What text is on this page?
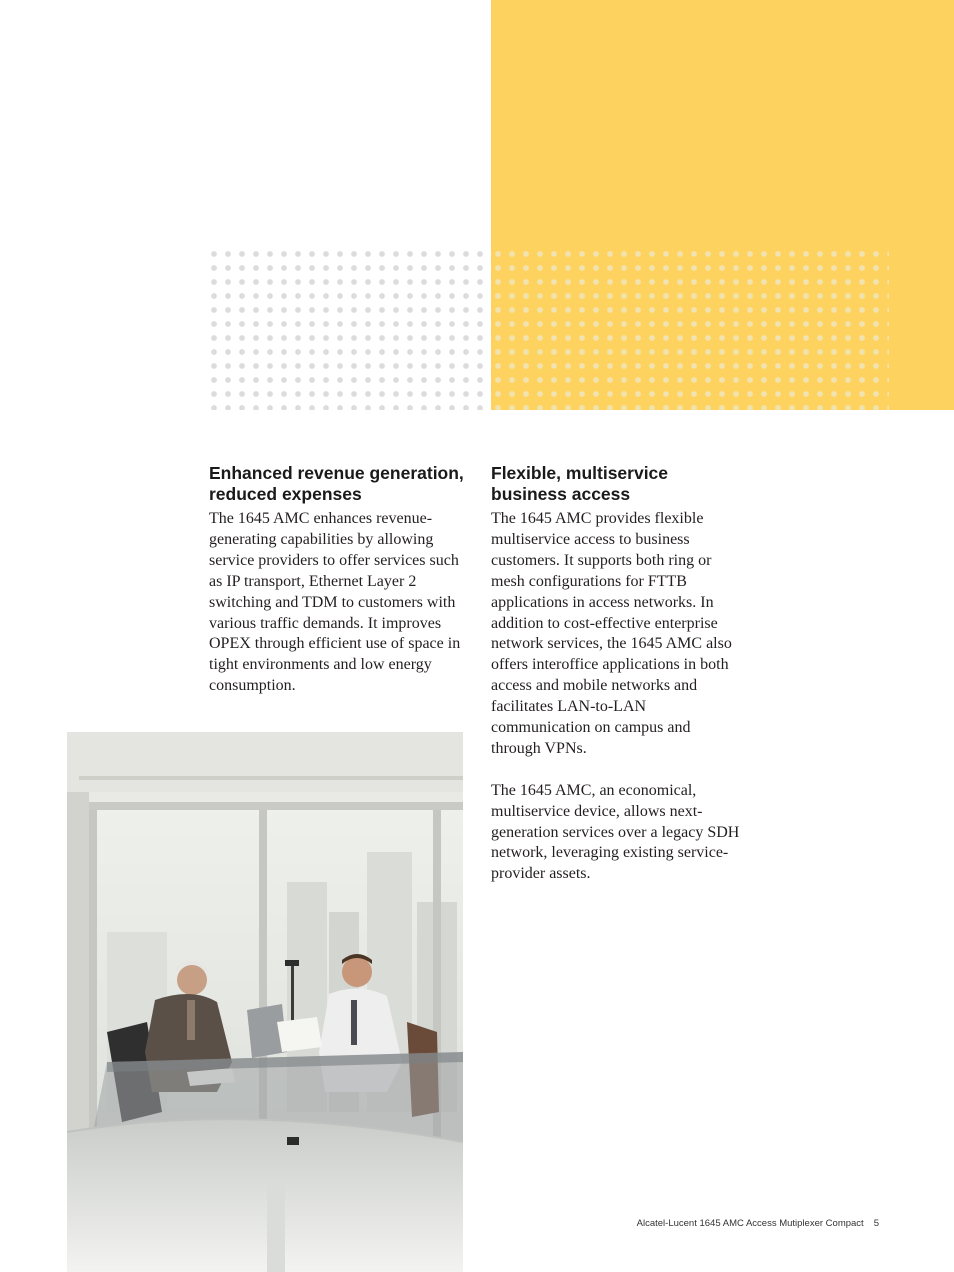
Enhanced revenue generation, reduced expenses

The 1645 AMC enhances revenue-generating capabilities by allowing service providers to offer services such as IP transport, Ethernet Layer 2 switching and TDM to customers with various traffic demands. It improves OPEX through efficient use of space in tight environments and low energy consumption.

Flexible, multiservice business access

The 1645 AMC provides flexible multiservice access to business customers. It supports both ring or mesh configurations for FTTB applications in access networks. In addition to cost-effective enterprise network services, the 1645 AMC also offers interoffice applications in both access and mobile networks and facilitates LAN-to-LAN communication on campus and through VPNs.

The 1645 AMC, an economical, multiservice device, allows next-generation services over a legacy SDH network, leveraging existing service-provider assets.

Alcatel-Lucent 1645 AMC Access Mutiplexer Compact 5
